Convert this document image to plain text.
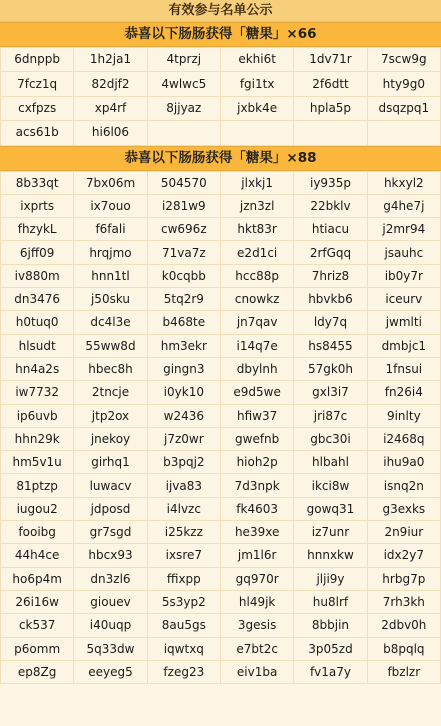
有效参与名单公示
恭喜以下肠肠获得「糖果」×66
6dnppb	1h2ja1	4tprzj	ekhi6t	1dv71r	7scw9g
7fcz1q	82djf2	4wlwc5	fgi1tx	2f6dtt	hty9g0
cxfpzs	xp4rf	8jjyaz	jxbk4e	hpla5p	dsqzpq1
acs61b	hi6l06				
恭喜以下肠肠获得「糖果」×88
8b33qt	7bx06m	504570	jlxkj1	iy935p	hkxyl2
ixprts	ix7ouo	i281w9	jzn3zl	22bklv	g4he7j
fhzykL	f6fali	cw696z	hkt83r	htiacu	j2mr94
6jff09	hrqjmo	71va7z	e2d1ci	2rfGqq	jsauhc
iv880m	hnn1tl	k0cqbb	hcc88p	7hriz8	ib0y7r
dn3476	j50sku	5tq2r9	cnowkz	hbvkb6	iceurv
h0tuq0	dc4l3e	b468te	jn7qav	ldy7q	jwmlti
hlsudt	55ww8d	hm3ekr	i14q7e	hs8455	dmbjc1
hn4a2s	hbec8h	gingn3	dbylnh	57gk0h	1fnsui
iw7732	2tncje	i0yk10	e9d5we	gxl3i7	fn26i4
ip6uvb	jtp2ox	w2436	hfiw37	jri87c	9inlty
hhn29k	jnekoy	j7z0wr	gwefnb	gbc30i	i2468q
hm5v1u	girhq1	b3pqj2	hioh2p	hlbahl	ihu9a0
81ptzp	luwacv	ijva83	7d3npk	ikci8w	isnq2n
iugou2	jdposd	i4lvzc	fk4603	gowq31	g3exks
fooibg	gr7sgd	i25kzz	he39xe	iz7unr	2n9iur
44h4ce	hbcx93	ixsre7	jm1l6r	hnnxkw	idx2y7
ho6p4m	dn3zl6	ffixpp	gq970r	jlji9y	hrbg7p
26i16w	giouev	5s3yp2	hl49jk	hu8lrf	7rh3kh
ck537	i40uqp	8au5gs	3gesis	8bbjin	2dbv0h
p6omm	5q33dw	iqwtxq	e7bt2c	3p05zd	b8pqlq
ep8Zg	eeyeg5	fzeg23	eiv1ba	fv1a7y	fbzlzr
